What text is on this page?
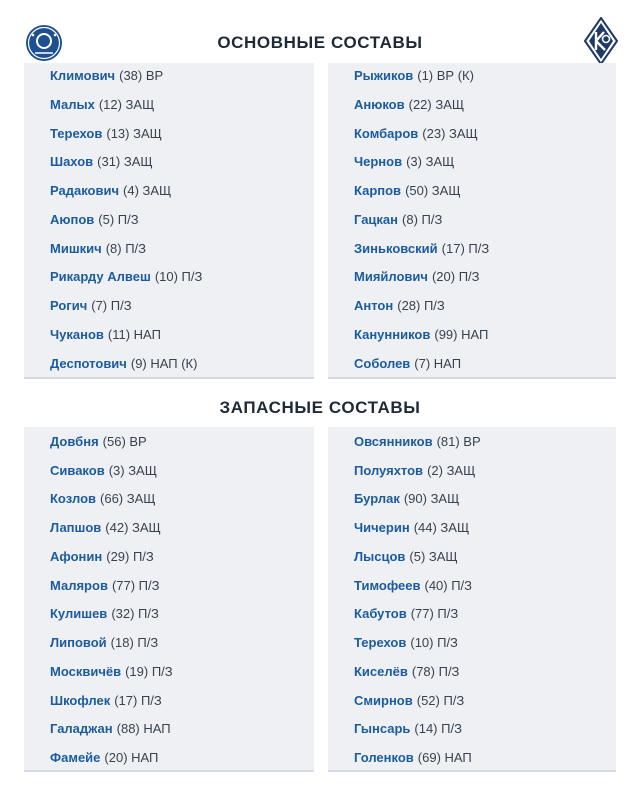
ОСНОВНЫЕ СОСТАВЫ
Климович (38) ВР
Малых (12) ЗАЩ
Терехов (13) ЗАЩ
Шахов (31) ЗАЩ
Радакович (4) ЗАЩ
Аюпов (5) П/З
Мишкич (8) П/З
Рикарду Алвеш (10) П/З
Рогич (7) П/З
Чуканов (11) НАП
Деспотович (9) НАП (К)
Рыжиков (1) ВР (К)
Анюков (22) ЗАЩ
Комбаров (23) ЗАЩ
Чернов (3) ЗАЩ
Карпов (50) ЗАЩ
Гацкан (8) П/З
Зиньковский (17) П/З
Мияйлович (20) П/З
Антон (28) П/З
Канунников (99) НАП
Соболев (7) НАП
ЗАПАСНЫЕ СОСТАВЫ
Довбня (56) ВР
Сиваков (3) ЗАЩ
Козлов (66) ЗАЩ
Лапшов (42) ЗАЩ
Афонин (29) П/З
Маляров (77) П/З
Кулишев (32) П/З
Липовой (18) П/З
Москвичёв (19) П/З
Шкофлек (17) П/З
Галаджан (88) НАП
Фамейе (20) НАП
Овсянников (81) ВР
Полуяхтов (2) ЗАЩ
Бурлак (90) ЗАЩ
Чичерин (44) ЗАЩ
Лысцов (5) ЗАЩ
Тимофеев (40) П/З
Кабутов (77) П/З
Терехов (10) П/З
Киселёв (78) П/З
Смирнов (52) П/З
Гынсарь (14) П/З
Голенков (69) НАП
